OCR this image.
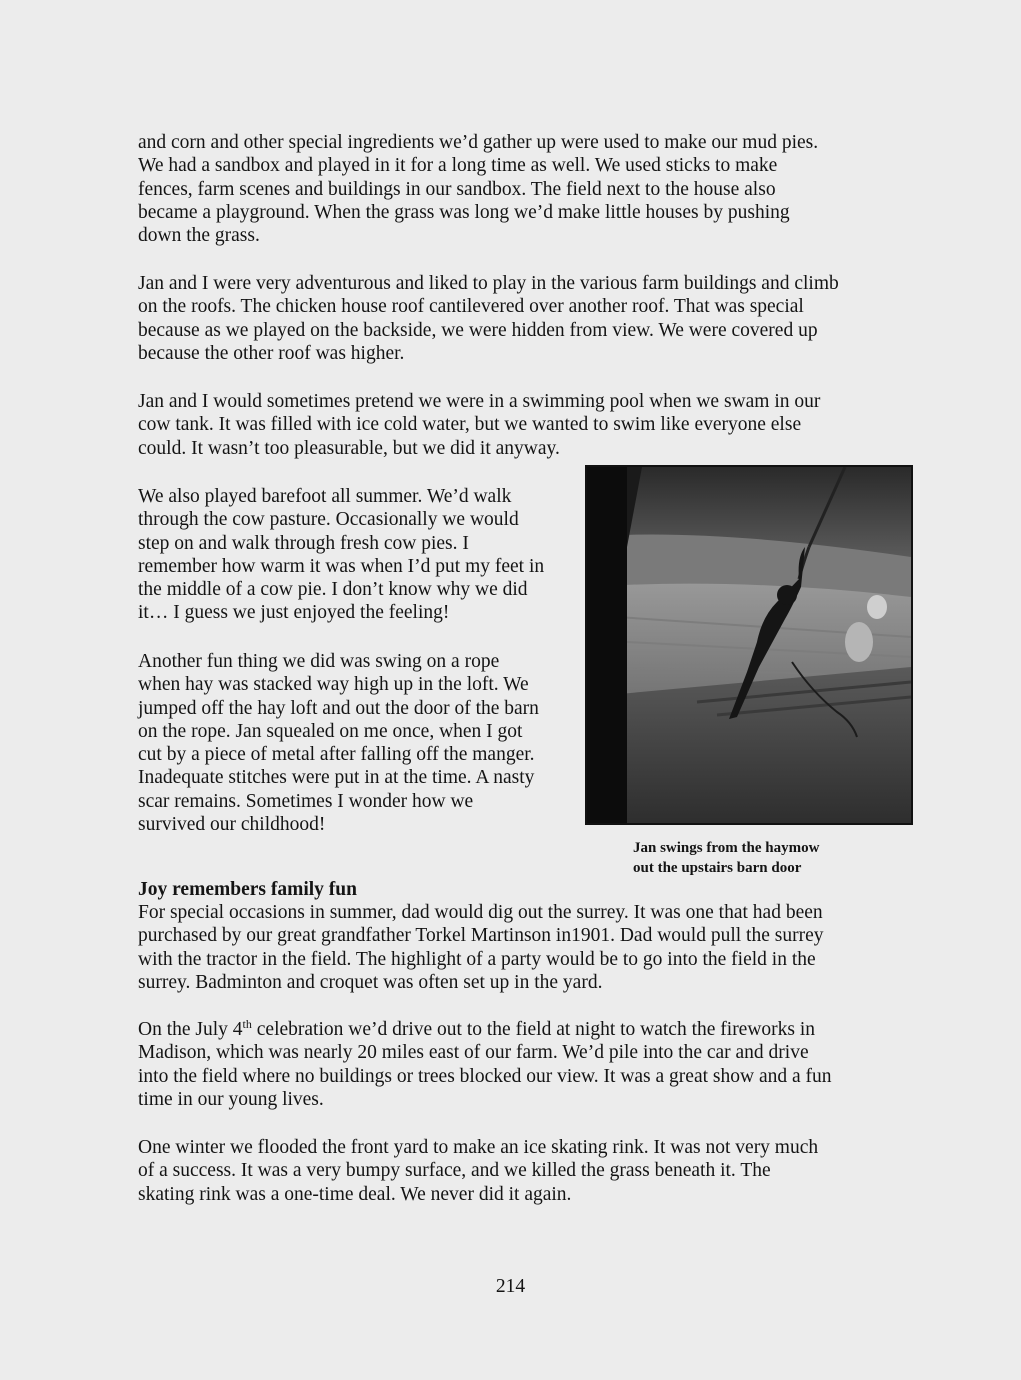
and corn and other special ingredients we’d gather up were used to make our mud pies.
We had a sandbox and played in it for a long time as well. We used sticks to make
fences, farm scenes and buildings in our sandbox. The field next to the house also
became a playground. When the grass was long we’d make little houses by pushing
down the grass.

Jan and I were very adventurous and liked to play in the various farm buildings and climb
on the roofs. The chicken house roof cantilevered over another roof. That was special
because as we played on the backside, we were hidden from view. We were covered up
because the other roof was higher.

Jan and I would sometimes pretend we were in a swimming pool when we swam in our
cow tank. It was filled with ice cold water, but we wanted to swim like everyone else
could. It wasn’t too pleasurable, but we did it anyway.

We also played barefoot all summer. We’d walk
through the cow pasture. Occasionally we would
step on and walk through fresh cow pies. I
remember how warm it was when I’d put my feet in
the middle of a cow pie. I don’t know why we did
it… I guess we just enjoyed the feeling!

Another fun thing we did was swing on a rope
when hay was stacked way high up in the loft. We
jumped off the hay loft and out the door of the barn
on the rope. Jan squealed on me once, when I got
cut by a piece of metal after falling off the manger.
Inadequate stitches were put in at the time. A nasty
scar remains. Sometimes I wonder how we
survived our childhood!

Jan swings from the haymow
out the upstairs barn door
Joy remembers family fun

For special occasions in summer, dad would dig out the surrey. It was one that had been
purchased by our great grandfather Torkel Martinson in1901. Dad would pull the surrey
with the tractor in the field. The highlight of a party would be to go into the field in the
surrey. Badminton and croquet was often set up in the yard.

On the July 4th celebration we’d drive out to the field at night to watch the fireworks in
Madison, which was nearly 20 miles east of our farm. We’d pile into the car and drive
into the field where no buildings or trees blocked our view. It was a great show and a fun
time in our young lives.

One winter we flooded the front yard to make an ice skating rink. It was not very much
of a success. It was a very bumpy surface, and we killed the grass beneath it. The
skating rink was a one-time deal. We never did it again.

214
